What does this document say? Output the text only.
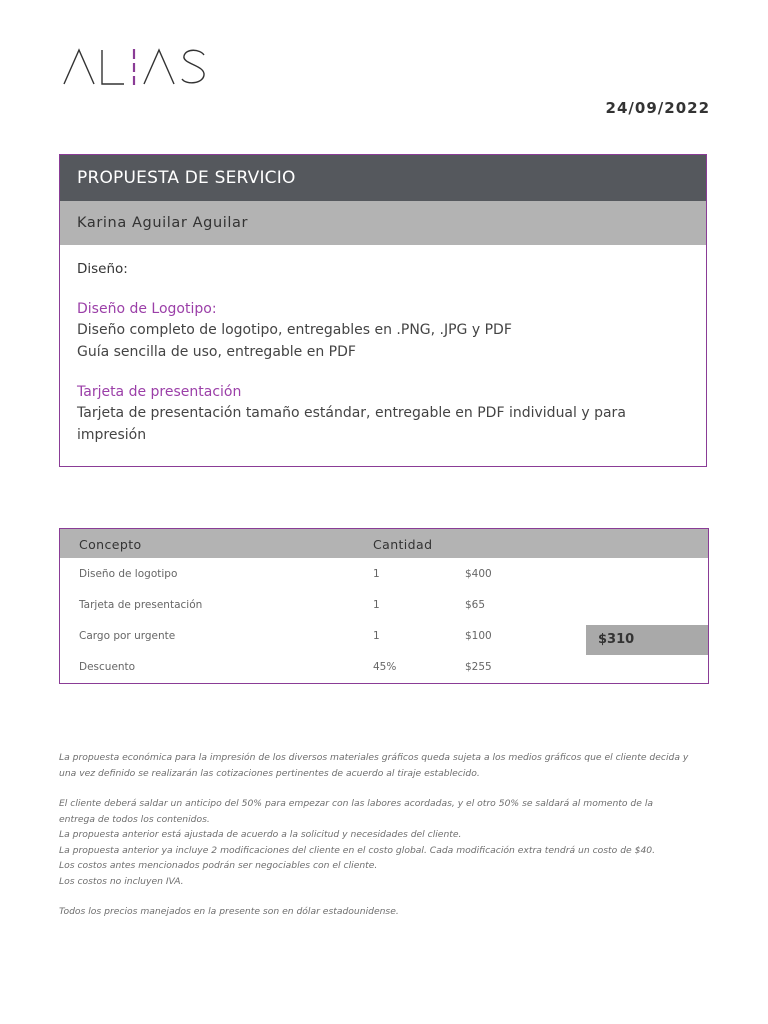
24/09/2022
PROPUESTA DE SERVICIO
Karina Aguilar Aguilar
Diseño:
Diseño de Logotipo:
Diseño completo de logotipo, entregables en .PNG, .JPG y PDF
Guía sencilla de uso, entregable en PDF
Tarjeta de presentación
Tarjeta de presentación tamaño estándar, entregable en PDF individual y para impresión
Concepto	Cantidad
Diseño de logotipo	1	$400
Tarjeta de presentación	1	$65
Cargo por urgente	1	$100
Descuento	45%	$255
$310

La propuesta económica para la impresión de los diversos materiales gráficos queda sujeta a los medios gráficos que el cliente decida y
una vez definido se realizarán las cotizaciones pertinentes de acuerdo al tiraje establecido.

El cliente deberá saldar un anticipo del 50% para empezar con las labores acordadas, y el otro 50% se saldará al momento de la
entrega de todos los contenidos.
La propuesta anterior está ajustada de acuerdo a la solicitud y necesidades del cliente.
La propuesta anterior ya incluye 2 modificaciones del cliente en el costo global. Cada modificación extra tendrá un costo de $40.
Los costos antes mencionados podrán ser negociables con el cliente.
Los costos no incluyen IVA.

Todos los precios manejados en la presente son en dólar estadounidense.
